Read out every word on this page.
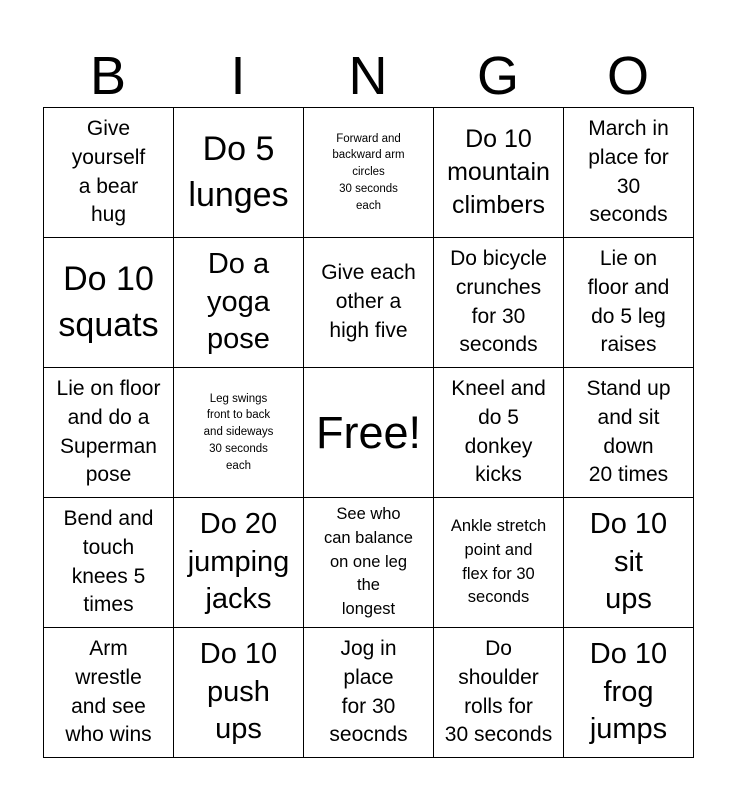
B	I	N	G	O
Give
yourself
a bear
hug
Do 5
lunges
Forward and
backward arm
circles
30 seconds
each
Do 10
mountain
climbers
March in
place for
30
seconds
Do 10
squats
Do a
yoga
pose
Give each
other a
high five
Do bicycle
crunches
for 30
seconds
Lie on
floor and
do 5 leg
raises
Lie on floor
and do a
Superman
pose
Leg swings
front to back
and sideways
30 seconds
each
Free!
Kneel and
do 5
donkey
kicks
Stand up
and sit
down
20 times
Bend and
touch
knees 5
times
Do 20
jumping
jacks
See who
can balance
on one leg
the
longest
Ankle stretch
point and
flex for 30
seconds
Do 10
sit
ups
Arm
wrestle
and see
who wins
Do 10
push
ups
Jog in
place
for 30
seocnds
Do
shoulder
rolls for
30 seconds
Do 10
frog
jumps
